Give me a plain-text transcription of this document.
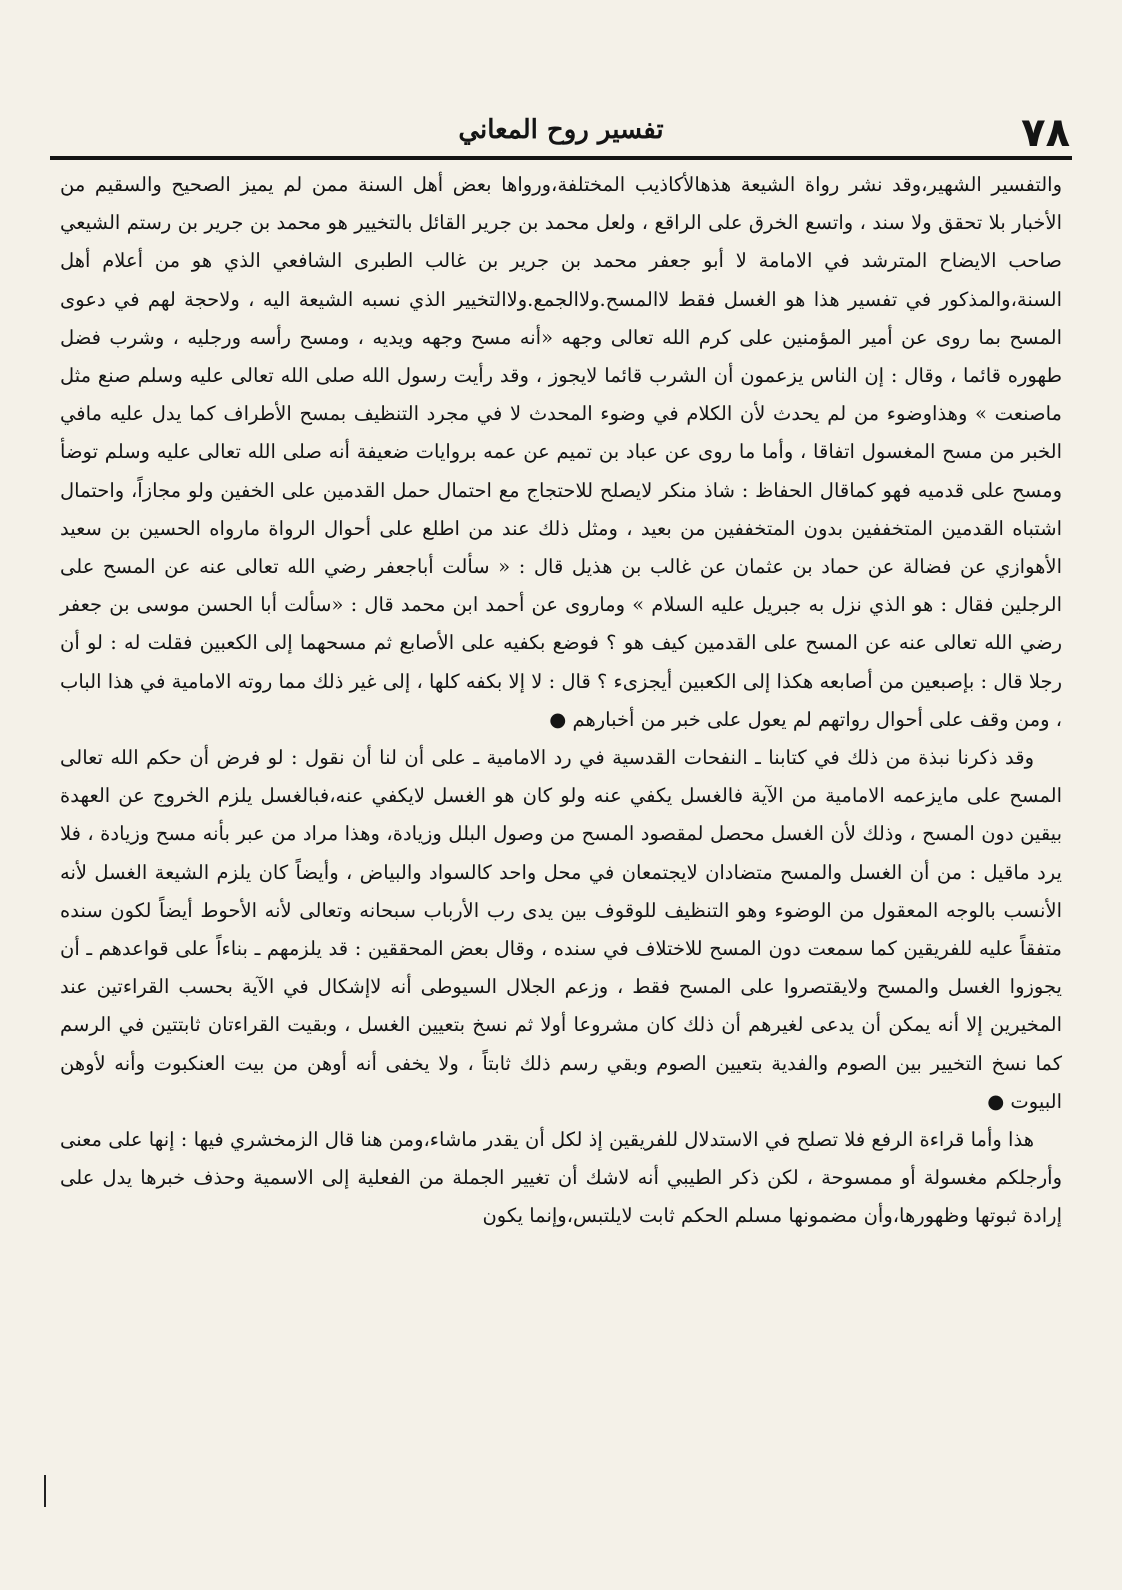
٧٨
تفسير روح المعاني

والتفسير الشهير،وقد نشر رواة الشيعة هذهالأكاذيب المختلفة،ورواها بعض أهل السنة ممن لم يميز الصحيح والسقيم من الأخبار بلا تحقق ولا سند ، واتسع الخرق على الراقع ، ولعل محمد بن جرير القائل بالتخيير هو محمد بن جرير بن رستم الشيعي صاحب الايضاح المترشد في الامامة لا أبو جعفر محمد بن جرير بن غالب الطبرى الشافعي الذي هو من أعلام أهل السنة،والمذكور في تفسير هذا هو الغسل فقط لاالمسح.ولاالجمع.ولاالتخيير الذي نسبه الشيعة اليه ، ولاحجة لهم في دعوى المسح بما روى عن أمير المؤمنين على كرم الله تعالى وجهه «أنه مسح وجهه ويديه ، ومسح رأسه ورجليه ، وشرب فضل طهوره قائما ، وقال : إن الناس يزعمون أن الشرب قائما لايجوز ، وقد رأيت رسول الله صلى الله تعالى عليه وسلم صنع مثل ماصنعت » وهذاوضوء من لم يحدث لأن الكلام في وضوء المحدث لا في مجرد التنظيف بمسح الأطراف كما يدل عليه مافي الخبر من مسح المغسول اتفاقا ، وأما ما روى عن عباد بن تميم عن عمه بروايات ضعيفة أنه صلى الله تعالى عليه وسلم توضأ ومسح على قدميه فهو كماقال الحفاظ : شاذ منكر لايصلح للاحتجاج مع احتمال حمل القدمين على الخفين ولو مجازاً، واحتمال اشتباه القدمين المتخففين بدون المتخففين من بعيد ، ومثل ذلك عند من اطلع على أحوال الرواة مارواه الحسين بن سعيد الأهوازي عن فضالة عن حماد بن عثمان عن غالب بن هذيل قال : « سألت أباجعفر رضي الله تعالى عنه عن المسح على الرجلين فقال : هو الذي نزل به جبريل عليه السلام » وماروى عن أحمد ابن محمد قال : «سألت أبا الحسن موسى بن جعفر رضي الله تعالى عنه عن المسح على القدمين كيف هو ؟ فوضع بكفيه على الأصابع ثم مسحهما إلى الكعبين فقلت له : لو أن رجلا قال : بإصبعين من أصابعه هكذا إلى الكعبين أيجزىء ؟ قال : لا إلا بكفه كلها ، إلى غير ذلك مما روته الامامية في هذا الباب ، ومن وقف على أحوال رواتهم لم يعول على خبر من أخبارهم ●

وقد ذكرنا نبذة من ذلك في كتابنا ـ النفحات القدسية في رد الامامية ـ على أن لنا أن نقول : لو فرض أن حكم الله تعالى المسح على مايزعمه الامامية من الآية فالغسل يكفي عنه ولو كان هو الغسل لايكفي عنه،فبالغسل يلزم الخروج عن العهدة بيقين دون المسح ، وذلك لأن الغسل محصل لمقصود المسح من وصول البلل وزيادة، وهذا مراد من عبر بأنه مسح وزيادة ، فلا يرد ماقيل : من أن الغسل والمسح متضادان لايجتمعان في محل واحد كالسواد والبياض ، وأيضاً كان يلزم الشيعة الغسل لأنه الأنسب بالوجه المعقول من الوضوء وهو التنظيف للوقوف بين يدى رب الأرباب سبحانه وتعالى لأنه الأحوط أيضاً لكون سنده متفقاً عليه للفريقين كما سمعت دون المسح للاختلاف في سنده ، وقال بعض المحققين : قد يلزمهم ـ بناءاً على قواعدهم ـ أن يجوزوا الغسل والمسح ولايقتصروا على المسح فقط ، وزعم الجلال السيوطى أنه لاإشكال في الآية بحسب القراءتين عند المخيرين إلا أنه يمكن أن يدعى لغيرهم أن ذلك كان مشروعا أولا ثم نسخ بتعيين الغسل ، وبقيت القراءتان ثابتتين في الرسم كما نسخ التخيير بين الصوم والفدية بتعيين الصوم وبقي رسم ذلك ثابتاً ، ولا يخفى أنه أوهن من بيت العنكبوت وأنه لأوهن البيوت ●

هذا وأما قراءة الرفع فلا تصلح في الاستدلال للفريقين إذ لكل أن يقدر ماشاء،ومن هنا قال الزمخشري فيها : إنها على معنى وأرجلكم مغسولة أو ممسوحة ، لكن ذكر الطيبي أنه لاشك أن تغيير الجملة من الفعلية إلى الاسمية وحذف خبرها يدل على إرادة ثبوتها وظهورها،وأن مضمونها مسلم الحكم ثابت لايلتبس،وإنما يكون
